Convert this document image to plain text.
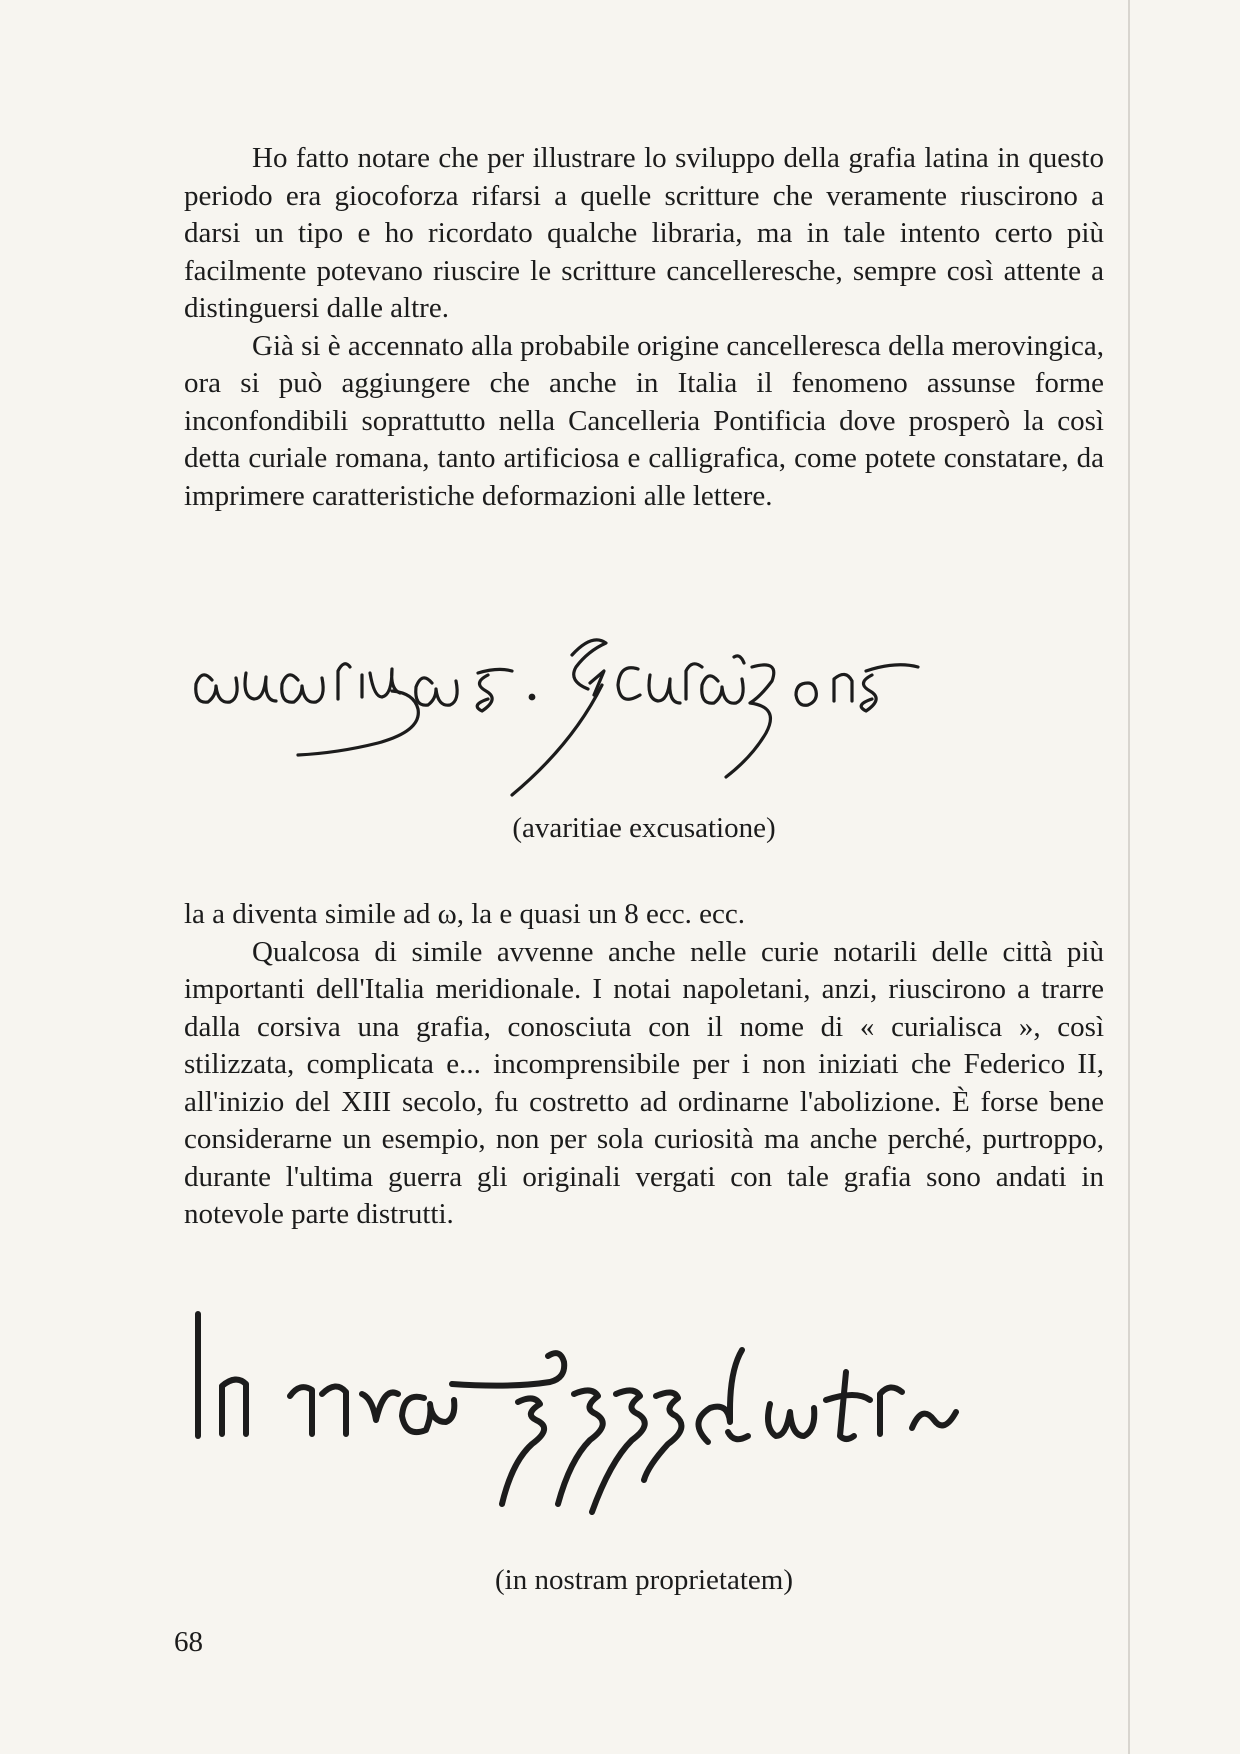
Ho fatto notare che per illustrare lo sviluppo della grafia latina in questo periodo era giocoforza rifarsi a quelle scritture che veramente riuscirono a darsi un tipo e ho ricordato qualche libraria, ma in tale intento certo più facilmente potevano riuscire le scritture cancelleresche, sempre così attente a distinguersi dalle altre.

Già si è accennato alla probabile origine cancelleresca della merovingica, ora si può aggiungere che anche in Italia il fenomeno assunse forme inconfondibili soprattutto nella Cancelleria Pontificia dove prosperò la così detta curiale romana, tanto artificiosa e calligrafica, come potete constatare, da imprimere caratteristiche deformazioni alle lettere.

(avaritiae excusatione)

la a diventa simile ad ω, la e quasi un 8 ecc. ecc.

Qualcosa di simile avvenne anche nelle curie notarili delle città più importanti dell'Italia meridionale. I notai napoletani, anzi, riuscirono a trarre dalla corsiva una grafia, conosciuta con il nome di « curialisca », così stilizzata, complicata e... incomprensibile per i non iniziati che Federico II, all'inizio del XIII secolo, fu costretto ad ordinarne l'abolizione. È forse bene considerarne un esempio, non per sola curiosità ma anche perché, purtroppo, durante l'ultima guerra gli originali vergati con tale grafia sono andati in notevole parte distrutti.

(in nostram proprietatem)
68
